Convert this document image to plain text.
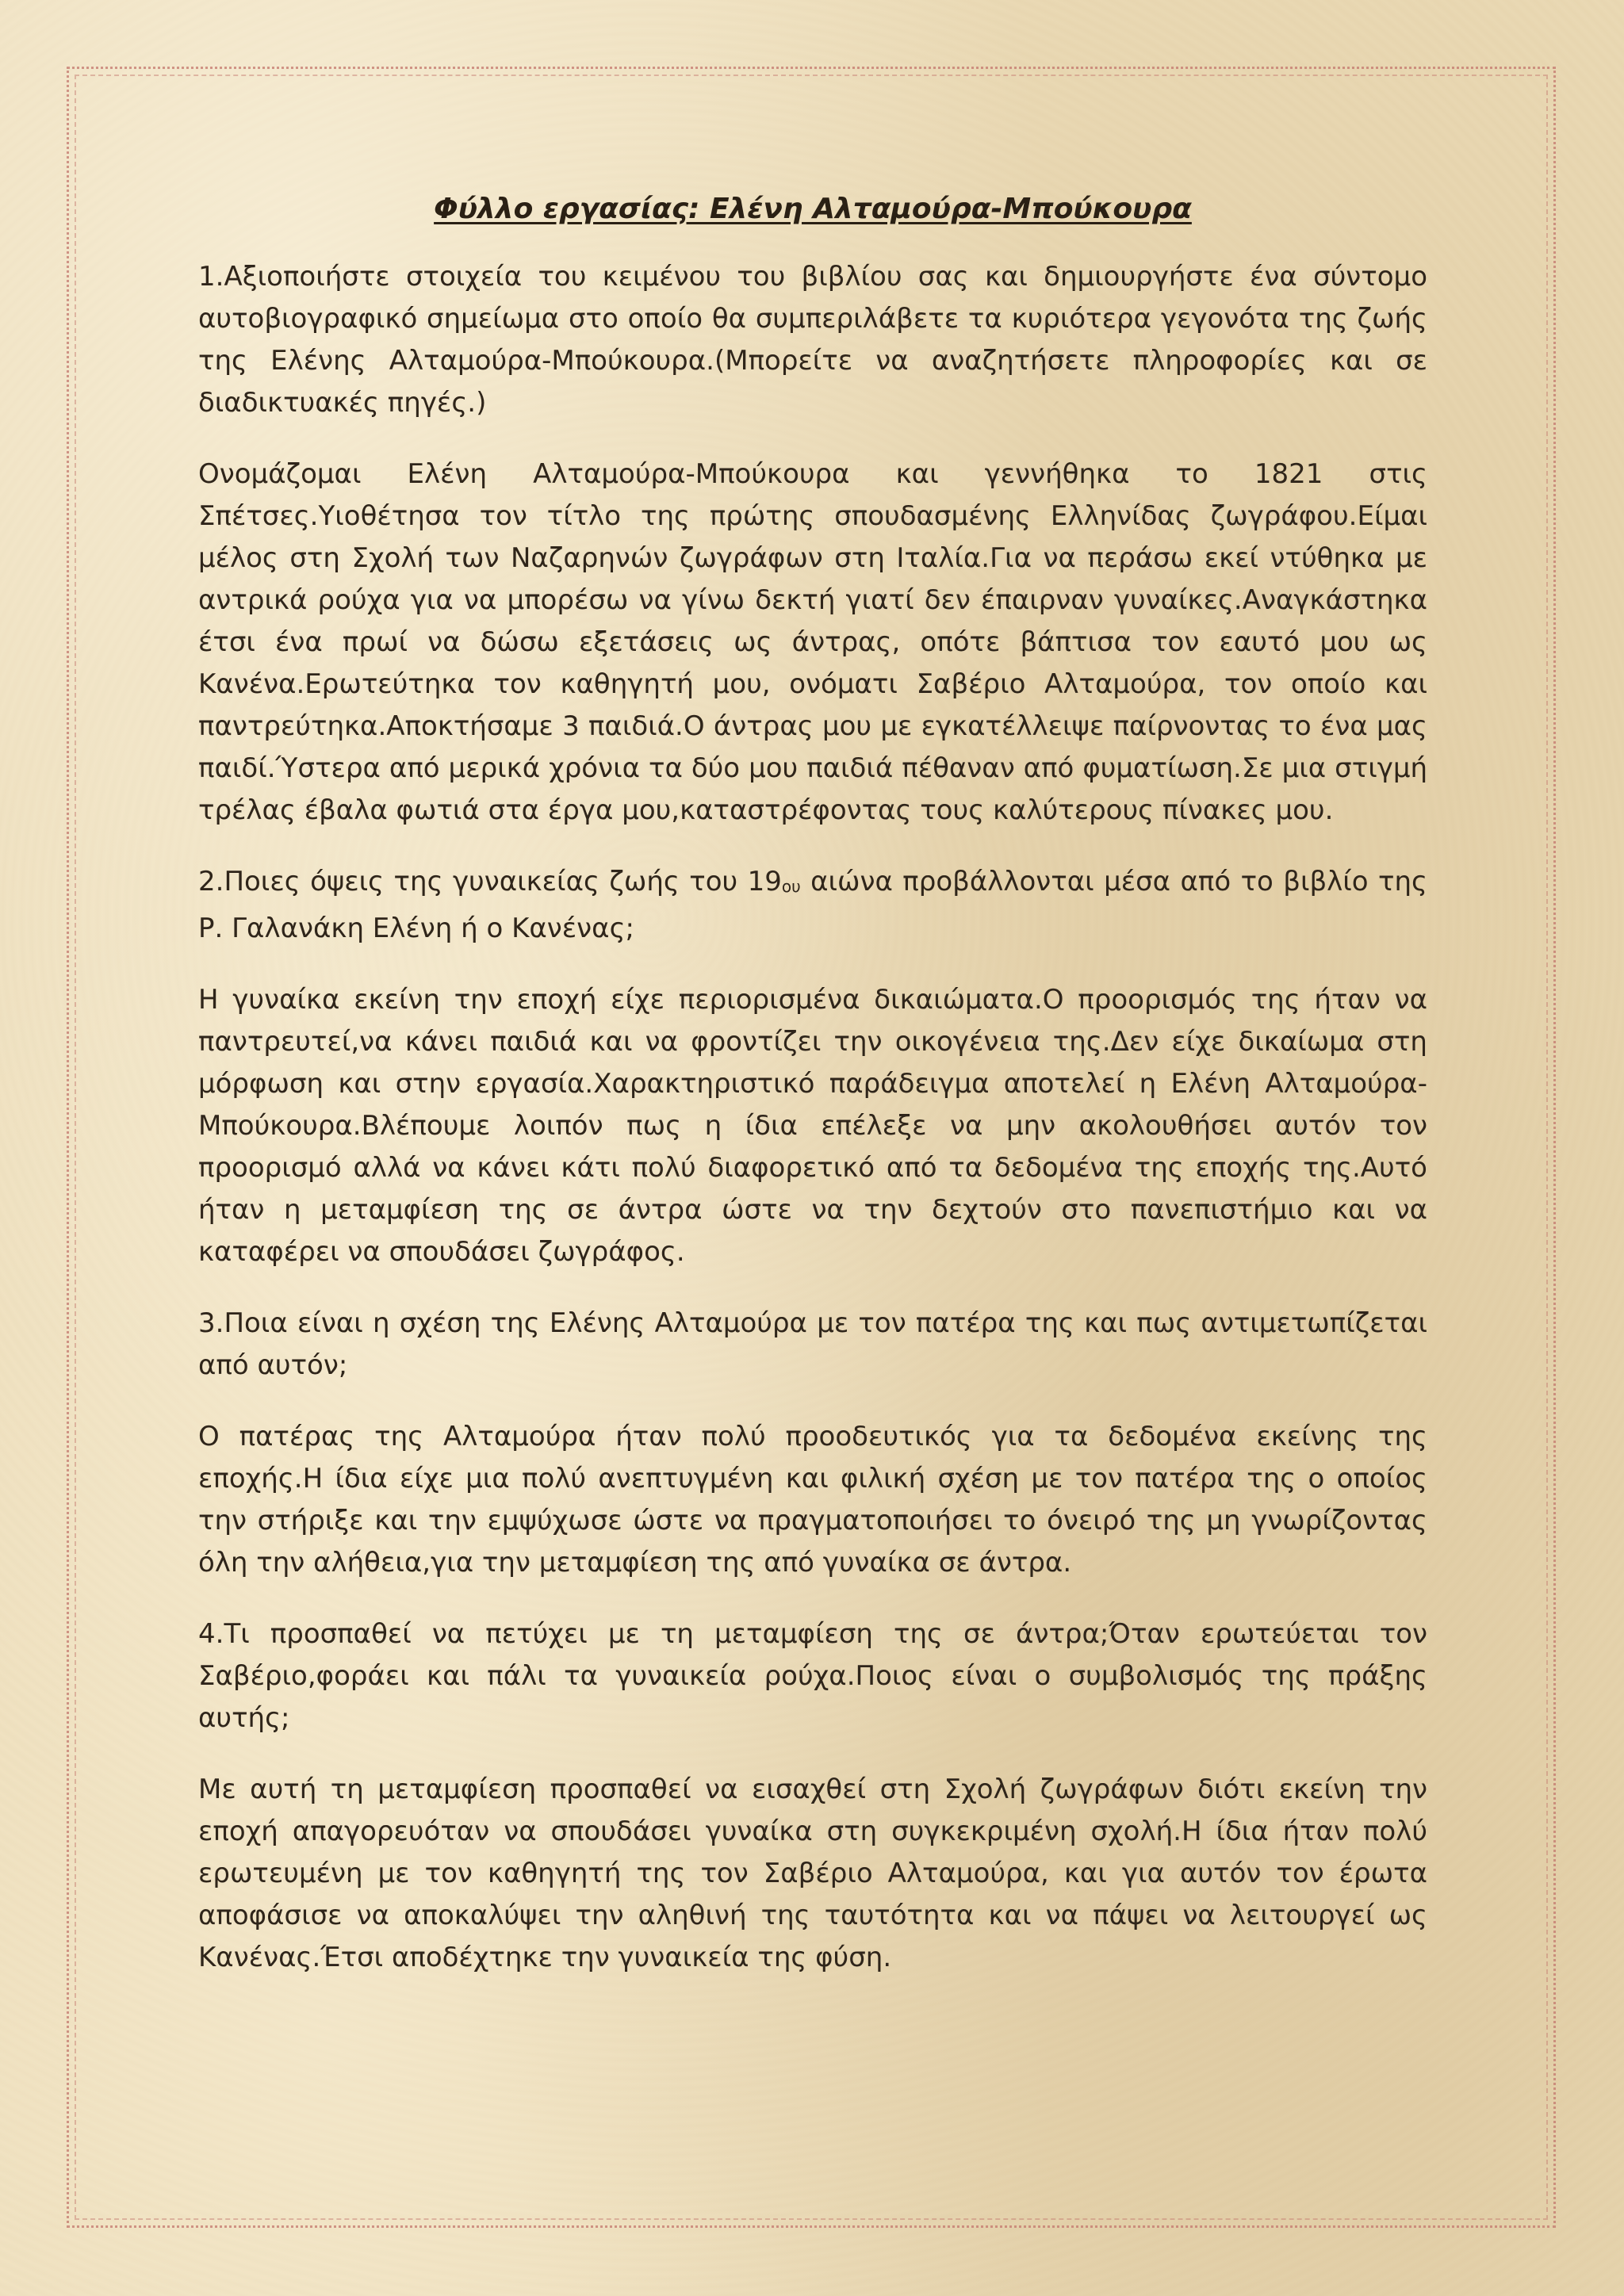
Φύλλο εργασίας: Ελένη Αλταμούρα-Μπούκουρα

1.Αξιοποιήστε στοιχεία του κειμένου του βιβλίου σας και δημιουργήστε ένα σύντομο αυτοβιογραφικό σημείωμα στο οποίο θα συμπεριλάβετε τα κυριότερα γεγονότα της ζωής της Ελένης Αλταμούρα-Μπούκουρα.(Μπορείτε να αναζητήσετε πληροφορίες και σε διαδικτυακές πηγές.)

Ονομάζομαι Ελένη Αλταμούρα-Μπούκουρα και γεννήθηκα το 1821 στις Σπέτσες.Υιοθέτησα τον τίτλο της πρώτης σπουδασμένης Ελληνίδας ζωγράφου.Είμαι μέλος στη Σχολή των Ναζαρηνών ζωγράφων στη Ιταλία.Για να περάσω εκεί ντύθηκα με αντρικά ρούχα για να μπορέσω να γίνω δεκτή γιατί δεν έπαιρναν γυναίκες.Αναγκάστηκα έτσι ένα πρωί να δώσω εξετάσεις ως άντρας, οπότε βάπτισα τον εαυτό μου ως Κανένα.Ερωτεύτηκα τον καθηγητή μου, ονόματι Σαβέριο Αλταμούρα, τον οποίο και παντρεύτηκα.Αποκτήσαμε 3 παιδιά.Ο άντρας μου με εγκατέλλειψε παίρνοντας το ένα μας παιδί.Ύστερα από μερικά χρόνια τα δύο μου παιδιά πέθαναν από φυματίωση.Σε μια στιγμή τρέλας έβαλα φωτιά στα έργα μου,καταστρέφοντας τους καλύτερους πίνακες μου.

2.Ποιες όψεις της γυναικείας ζωής του $19_{o\upsilon}$ αιώνα προβάλλονται μέσα από το βιβλίο της Ρ. Γαλανάκη Ελένη ή ο Κανένας;

Η γυναίκα εκείνη την εποχή είχε περιορισμένα δικαιώματα.Ο προορισμός της ήταν να παντρευτεί,να κάνει παιδιά και να φροντίζει την οικογένεια της.Δεν είχε δικαίωμα στη μόρφωση και στην εργασία.Χαρακτηριστικό παράδειγμα αποτελεί η Ελένη Αλταμούρα-Μπούκουρα.Βλέπουμε λοιπόν πως η ίδια επέλεξε να μην ακολουθήσει αυτόν τον προορισμό αλλά να κάνει κάτι πολύ διαφορετικό από τα δεδομένα της εποχής της.Αυτό ήταν η μεταμφίεση της σε άντρα ώστε να την δεχτούν στο πανεπιστήμιο και να καταφέρει να σπουδάσει ζωγράφος.

3.Ποια είναι η σχέση της Ελένης Αλταμούρα με τον πατέρα της και πως αντιμετωπίζεται από αυτόν;

Ο πατέρας της Αλταμούρα ήταν πολύ προοδευτικός για τα δεδομένα εκείνης της εποχής.Η ίδια είχε μια πολύ ανεπτυγμένη και φιλική σχέση με τον πατέρα της ο οποίος την στήριξε και την εμψύχωσε ώστε να πραγματοποιήσει το όνειρό της μη γνωρίζοντας όλη την αλήθεια,για την μεταμφίεση της από γυναίκα σε άντρα.

4.Τι προσπαθεί να πετύχει με τη μεταμφίεση της σε άντρα;Όταν ερωτεύεται τον Σαβέριο,φοράει και πάλι τα γυναικεία ρούχα.Ποιος είναι ο συμβολισμός της πράξης αυτής;

Με αυτή τη μεταμφίεση προσπαθεί να εισαχθεί στη Σχολή ζωγράφων διότι εκείνη την εποχή απαγορευόταν να σπουδάσει γυναίκα στη συγκεκριμένη σχολή.Η ίδια ήταν πολύ ερωτευμένη με τον καθηγητή της τον Σαβέριο Αλταμούρα, και για αυτόν τον έρωτα αποφάσισε να αποκαλύψει την αληθινή της ταυτότητα και να πάψει να λειτουργεί ως Κανένας.Έτσι αποδέχτηκε την γυναικεία της φύση.
